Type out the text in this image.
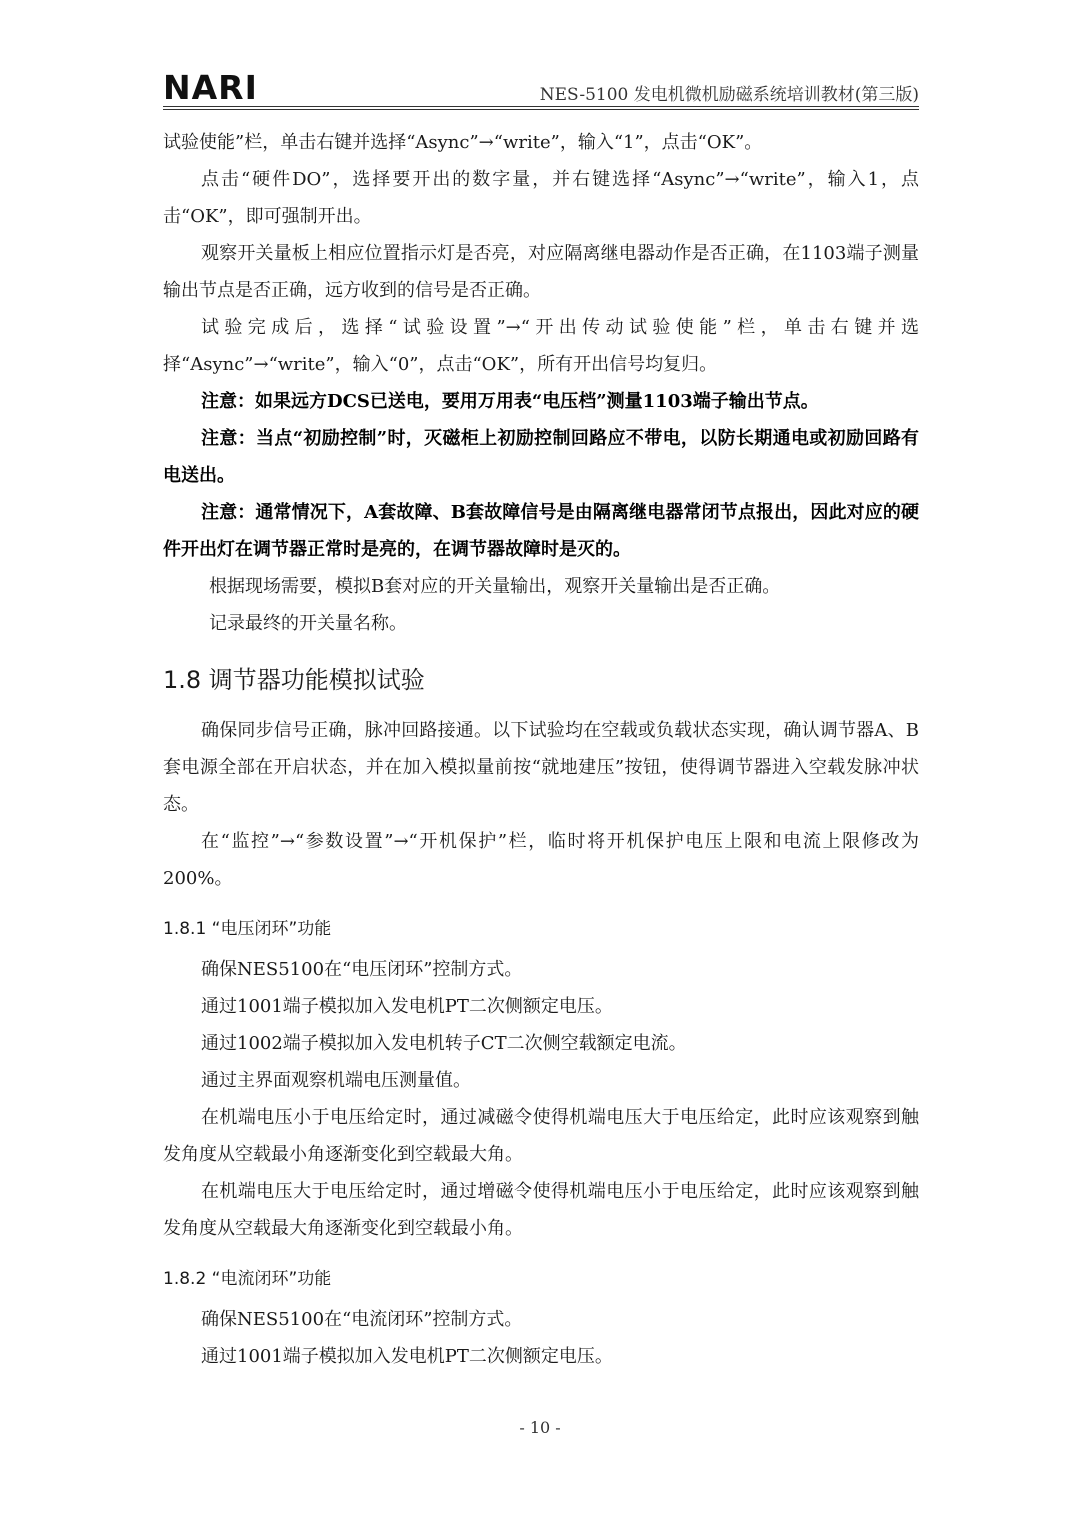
NARI	NES-5100 发电机微机励磁系统培训教材(第三版)

试验使能”栏，单击右键并选择“Async”→“write”，输入“1”，点击“OK”。

点击“硬件DO”，选择要开出的数字量，并右键选择“Async”→“write”，输入1，点击“OK”，即可强制开出。

观察开关量板上相应位置指示灯是否亮，对应隔离继电器动作是否正确，在1103端子测量输出节点是否正确，远方收到的信号是否正确。

试验完成后，选择“试验设置”→“开出传动试验使能”栏，单击右键并选择“Async”→“write”，输入“0”，点击“OK”，所有开出信号均复归。

注意：如果远方DCS已送电，要用万用表“电压档”测量1103端子输出节点。

注意：当点“初励控制”时，灭磁柜上初励控制回路应不带电，以防长期通电或初励回路有电送出。

注意：通常情况下，A套故障、B套故障信号是由隔离继电器常闭节点报出，因此对应的硬件开出灯在调节器正常时是亮的，在调节器故障时是灭的。

根据现场需要，模拟B套对应的开关量输出，观察开关量输出是否正确。

记录最终的开关量名称。

1.8 调节器功能模拟试验

确保同步信号正确，脉冲回路接通。以下试验均在空载或负载状态实现，确认调节器A、B套电源全部在开启状态，并在加入模拟量前按“就地建压”按钮，使得调节器进入空载发脉冲状态。

在“监控”→“参数设置”→“开机保护”栏，临时将开机保护电压上限和电流上限修改为200%。

1.8.1 “电压闭环”功能

确保NES5100在“电压闭环”控制方式。

通过1001端子模拟加入发电机PT二次侧额定电压。

通过1002端子模拟加入发电机转子CT二次侧空载额定电流。

通过主界面观察机端电压测量值。

在机端电压小于电压给定时，通过减磁令使得机端电压大于电压给定，此时应该观察到触发角度从空载最小角逐渐变化到空载最大角。

在机端电压大于电压给定时，通过增磁令使得机端电压小于电压给定，此时应该观察到触发角度从空载最大角逐渐变化到空载最小角。

1.8.2 “电流闭环”功能

确保NES5100在“电流闭环”控制方式。

通过1001端子模拟加入发电机PT二次侧额定电压。

- 10 -
